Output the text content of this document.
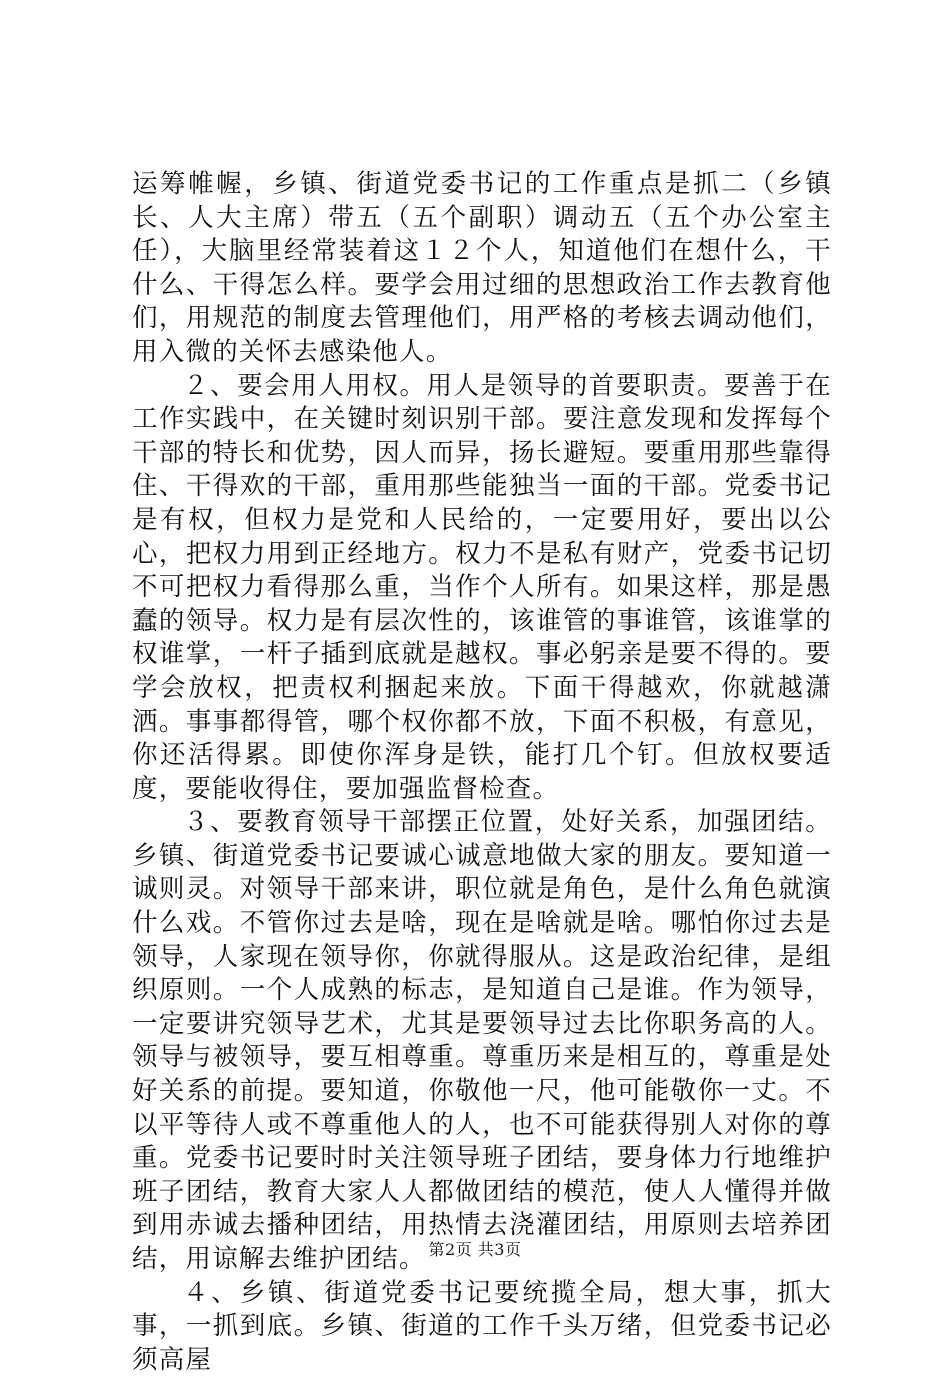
运筹帷幄，乡镇、街道党委书记的工作重点是抓二（乡镇长、人大主席）带五（五个副职）调动五（五个办公室主任），大脑里经常装着这１２个人，知道他们在想什么，干什么、干得怎么样。要学会用过细的思想政治工作去教育他们，用规范的制度去管理他们，用严格的考核去调动他们，用入微的关怀去感染他人。

２、要会用人用权。用人是领导的首要职责。要善于在工作实践中，在关键时刻识别干部。要注意发现和发挥每个干部的特长和优势，因人而异，扬长避短。要重用那些靠得住、干得欢的干部，重用那些能独当一面的干部。党委书记是有权，但权力是党和人民给的，一定要用好，要出以公心，把权力用到正经地方。权力不是私有财产，党委书记切不可把权力看得那么重，当作个人所有。如果这样，那是愚蠢的领导。权力是有层次性的，该谁管的事谁管，该谁掌的权谁掌，一杆子插到底就是越权。事必躬亲是要不得的。要学会放权，把责权利捆起来放。下面干得越欢，你就越潇洒。事事都得管，哪个权你都不放，下面不积极，有意见，你还活得累。即使你浑身是铁，能打几个钉。但放权要适度，要能收得住，要加强监督检查。

３、要教育领导干部摆正位置，处好关系，加强团结。乡镇、街道党委书记要诚心诚意地做大家的朋友。要知道一诚则灵。对领导干部来讲，职位就是角色，是什么角色就演什么戏。不管你过去是啥，现在是啥就是啥。哪怕你过去是领导，人家现在领导你，你就得服从。这是政治纪律，是组织原则。一个人成熟的标志，是知道自己是谁。作为领导，一定要讲究领导艺术，尤其是要领导过去比你职务高的人。领导与被领导，要互相尊重。尊重历来是相互的，尊重是处好关系的前提。要知道，你敬他一尺，他可能敬你一丈。不以平等待人或不尊重他人的人，也不可能获得别人对你的尊重。党委书记要时时关注领导班子团结，要身体力行地维护班子团结，教育大家人人都做团结的模范，使人人懂得并做到用赤诚去播种团结，用热情去浇灌团结，用原则去培养团结，用谅解去维护团结。

４、乡镇、街道党委书记要统揽全局，想大事，抓大事，一抓到底。乡镇、街道的工作千头万绪，但党委书记必须高屋

第2页 共3页
